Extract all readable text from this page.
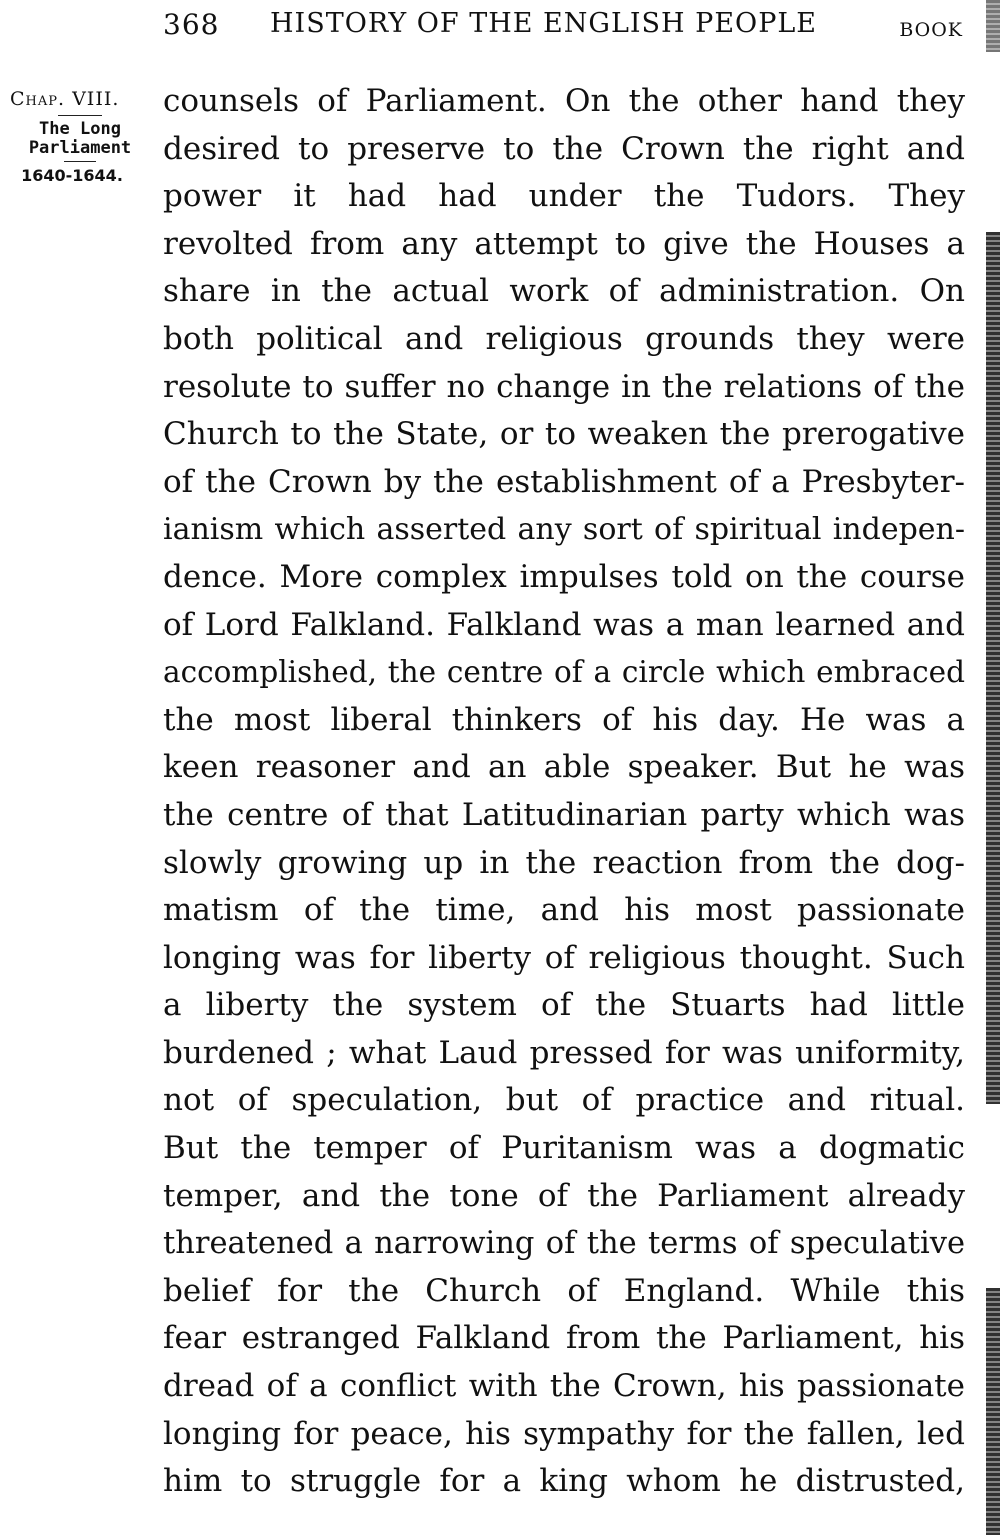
368 HISTORY OF THE ENGLISH PEOPLE	BOOK
Chap. VIII.
The Long
Parliament
1640-1644.
counsels of Parliament. On the other hand they
desired to preserve to the Crown the right and
power it had had under the Tudors. They
revolted from any attempt to give the Houses a
share in the actual work of administration. On
both political and religious grounds they were
resolute to suffer no change in the relations of the
Church to the State, or to weaken the prerogative
of the Crown by the establishment of a Presbyter-
ianism which asserted any sort of spiritual indepen-
dence. More complex impulses told on the course
of Lord Falkland. Falkland was a man learned and
accomplished, the centre of a circle which embraced
the most liberal thinkers of his day. He was a
keen reasoner and an able speaker. But he was
the centre of that Latitudinarian party which was
slowly growing up in the reaction from the dog-
matism of the time, and his most passionate
longing was for liberty of religious thought. Such
a liberty the system of the Stuarts had little
burdened ; what Laud pressed for was uniformity,
not of speculation, but of practice and ritual.
But the temper of Puritanism was a dogmatic
temper, and the tone of the Parliament already
threatened a narrowing of the terms of speculative
belief for the Church of England. While this
fear estranged Falkland from the Parliament, his
dread of a conflict with the Crown, his passionate
longing for peace, his sympathy for the fallen, led
him to struggle for a king whom he distrusted,
